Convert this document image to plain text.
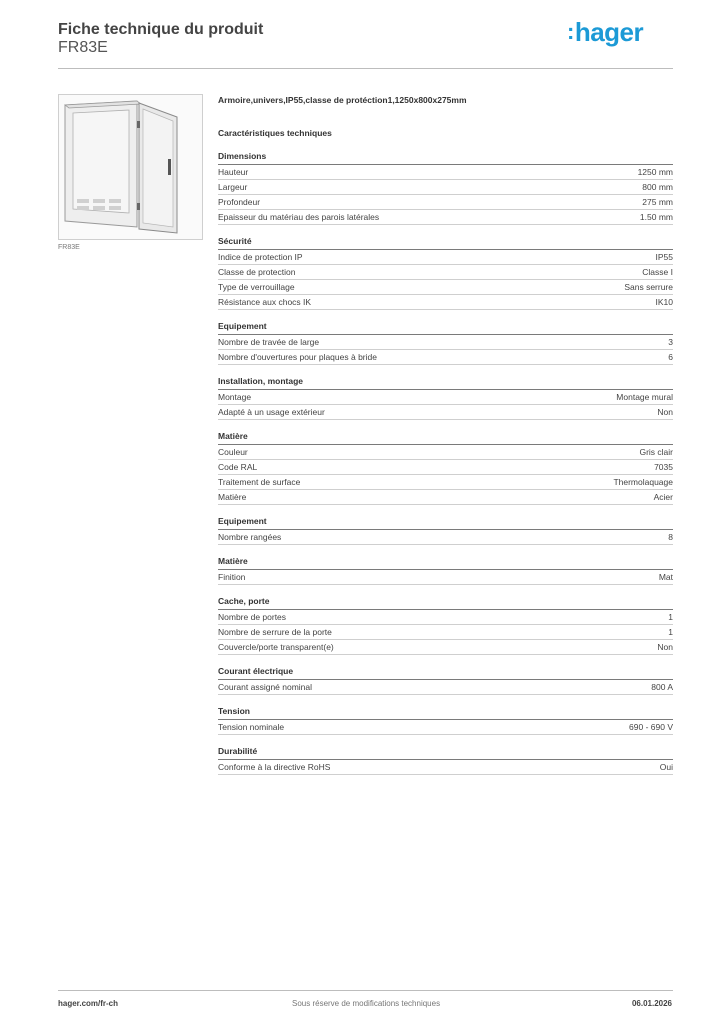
Fiche technique du produit
FR83E
:hager
FR83E
Armoire,univers,IP55,classe de protéction1,1250x800x275mm
Caractéristiques techniques
Dimensions
Hauteur	1250 mm
Largeur	800 mm
Profondeur	275 mm
Epaisseur du matériau des parois latérales	1.50 mm
Sécurité
Indice de protection IP	IP55
Classe de protection	Classe I
Type de verrouillage	Sans serrure
Résistance aux chocs IK	IK10
Equipement
Nombre de travée de large	3
Nombre d'ouvertures pour plaques à bride	6
Installation, montage
Montage	Montage mural
Adapté à un usage extérieur	Non
Matière
Couleur	Gris clair
Code RAL	7035
Traitement de surface	Thermolaquage
Matière	Acier
Equipement
Nombre rangées	8
Matière
Finition	Mat
Cache, porte
Nombre de portes	1
Nombre de serrure de la porte	1
Couvercle/porte transparent(e)	Non
Courant électrique
Courant assigné nominal	800 A
Tension
Tension nominale	690 - 690 V
Durabilité
Conforme à la directive RoHS	Oui
hager.com/fr-ch	Sous réserve de modifications techniques	06.01.2026
